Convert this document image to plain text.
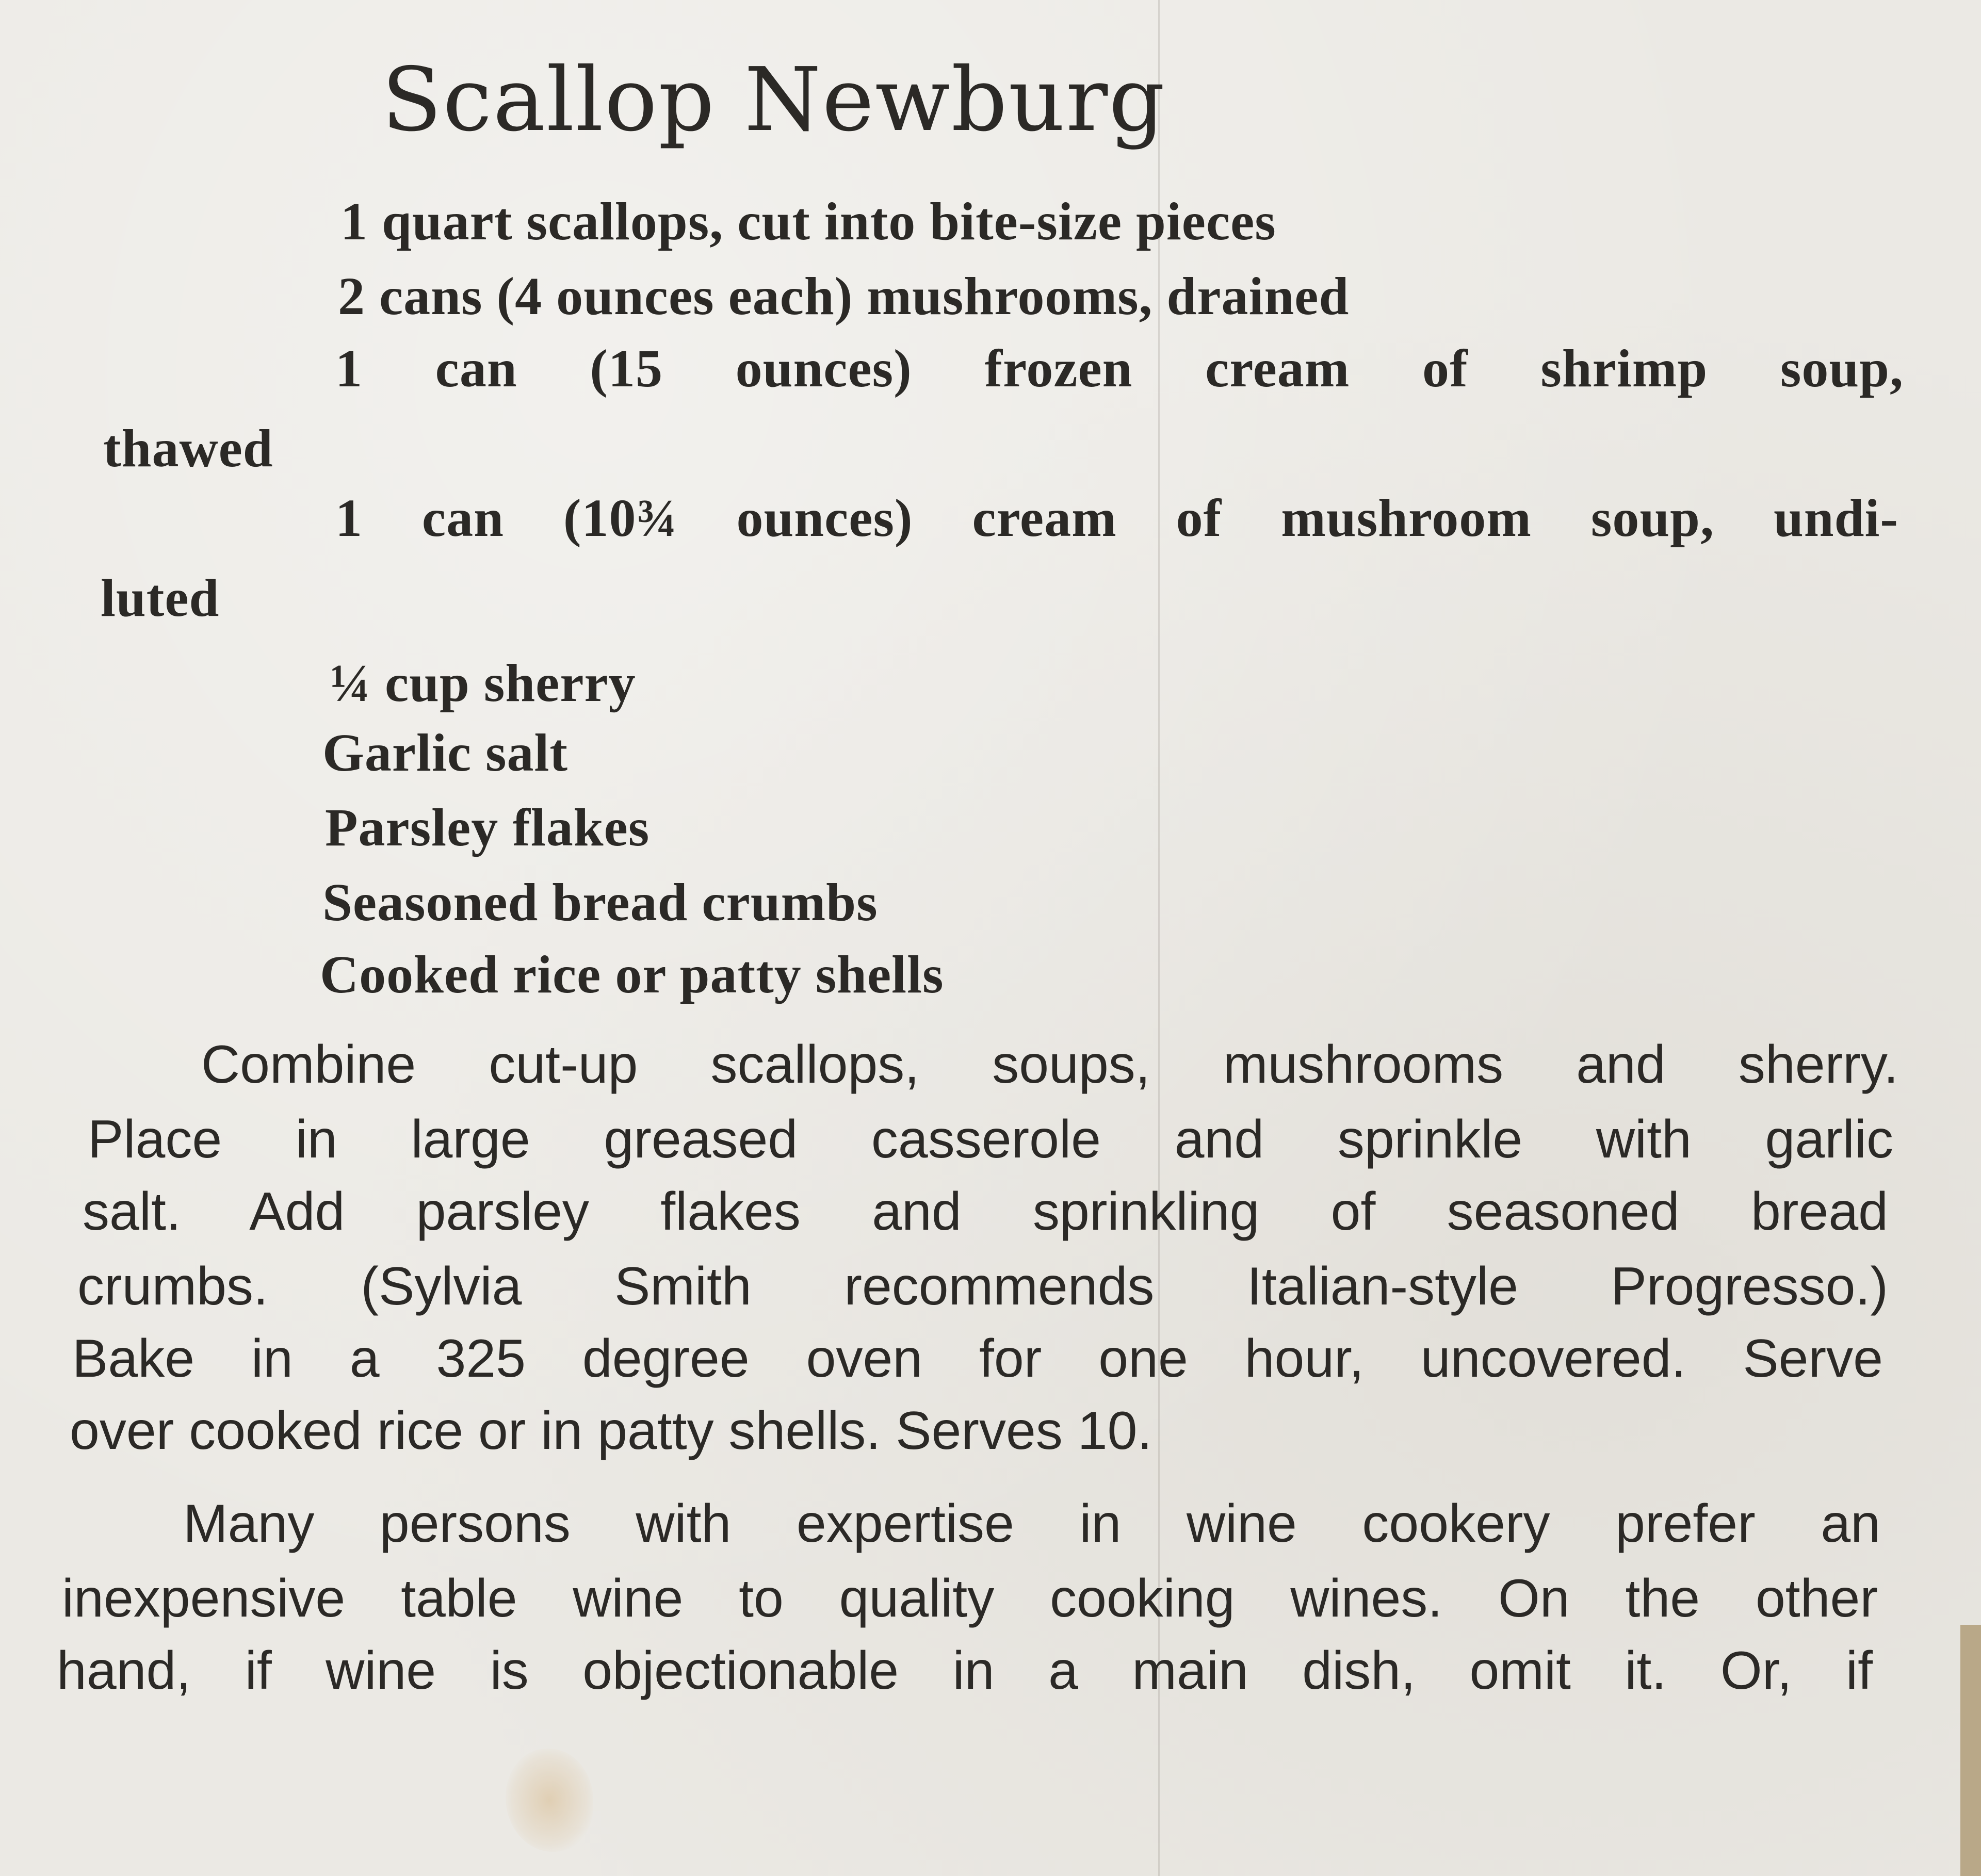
Scallop Newburg
1 quart scallops, cut into bite-size pieces
2 cans (4 ounces each) mushrooms, drained
1 can (15 ounces) frozen cream of shrimp soup,
thawed
1 can (10¾ ounces) cream of mushroom soup, undi-
luted
¼ cup sherry
Garlic salt
Parsley flakes
Seasoned bread crumbs
Cooked rice or patty shells
Combine cut-up scallops, soups, mushrooms and sherry.
Place in large greased casserole and sprinkle with garlic
salt. Add parsley flakes and sprinkling of seasoned bread
crumbs. (Sylvia Smith recommends Italian-style Progresso.)
Bake in a 325 degree oven for one hour, uncovered. Serve
over cooked rice or in patty shells. Serves 10.
Many persons with expertise in wine cookery prefer an
inexpensive table wine to quality cooking wines. On the other
hand, if wine is objectionable in a main dish, omit it. Or, if
